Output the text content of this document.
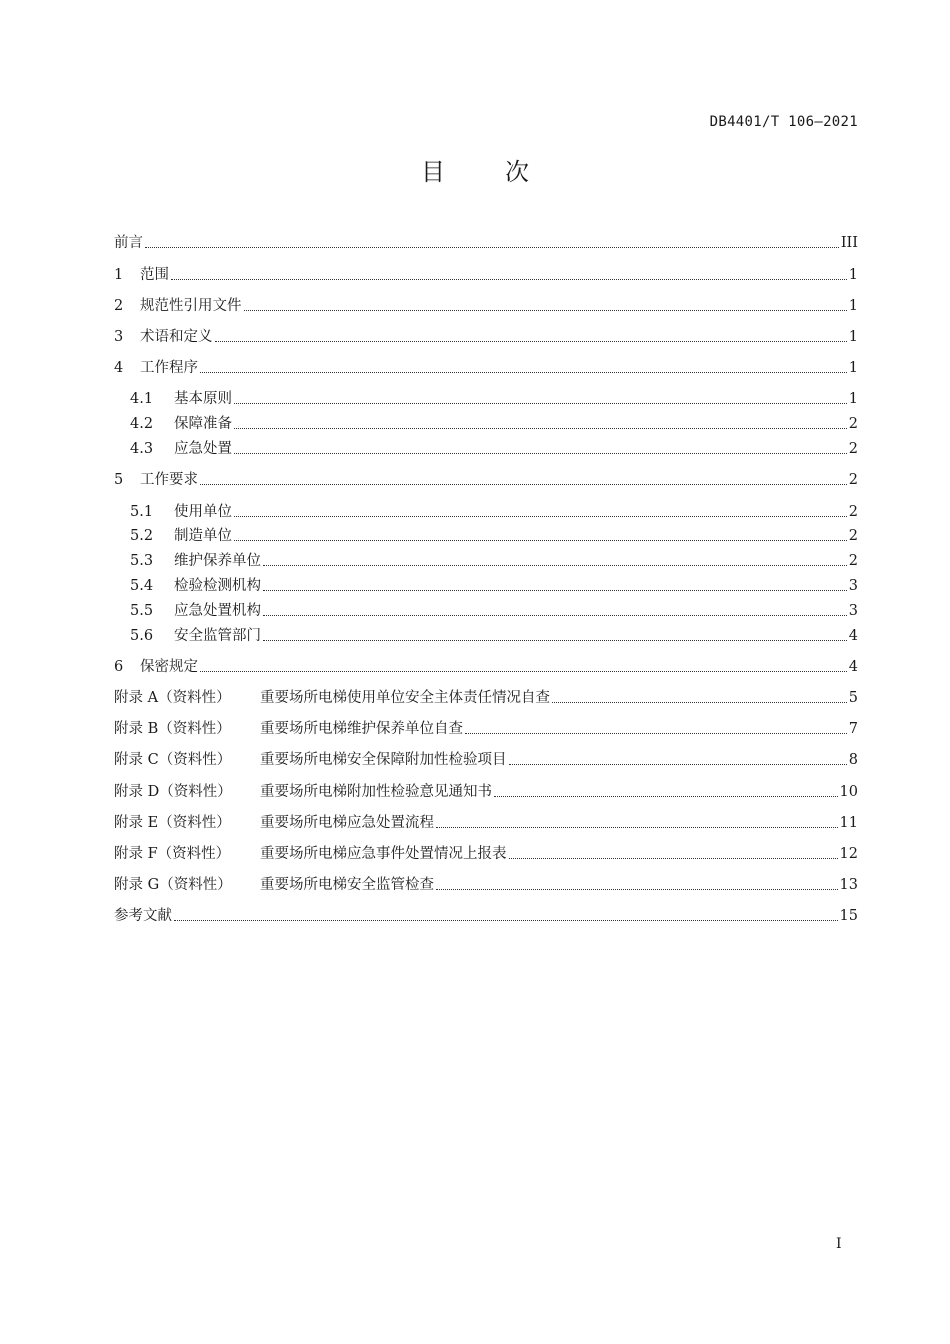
DB4401/T 106—2021
目	次
前言	III
1	范围	1
2	规范性引用文件	1
3	术语和定义	1
4	工作程序	1
4.1	基本原则	1
4.2	保障准备	2
4.3	应急处置	2
5	工作要求	2
5.1	使用单位	2
5.2	制造单位	2
5.3	维护保养单位	2
5.4	检验检测机构	3
5.5	应急处置机构	3
5.6	安全监管部门	4
6	保密规定	4
附录 A（资料性）	重要场所电梯使用单位安全主体责任情况自查	5
附录 B（资料性）	重要场所电梯维护保养单位自查	7
附录 C（资料性）	重要场所电梯安全保障附加性检验项目	8
附录 D（资料性）	重要场所电梯附加性检验意见通知书	10
附录 E（资料性）	重要场所电梯应急处置流程	11
附录 F（资料性）	重要场所电梯应急事件处置情况上报表	12
附录 G（资料性）	重要场所电梯安全监管检查	13
参考文献	15
I
